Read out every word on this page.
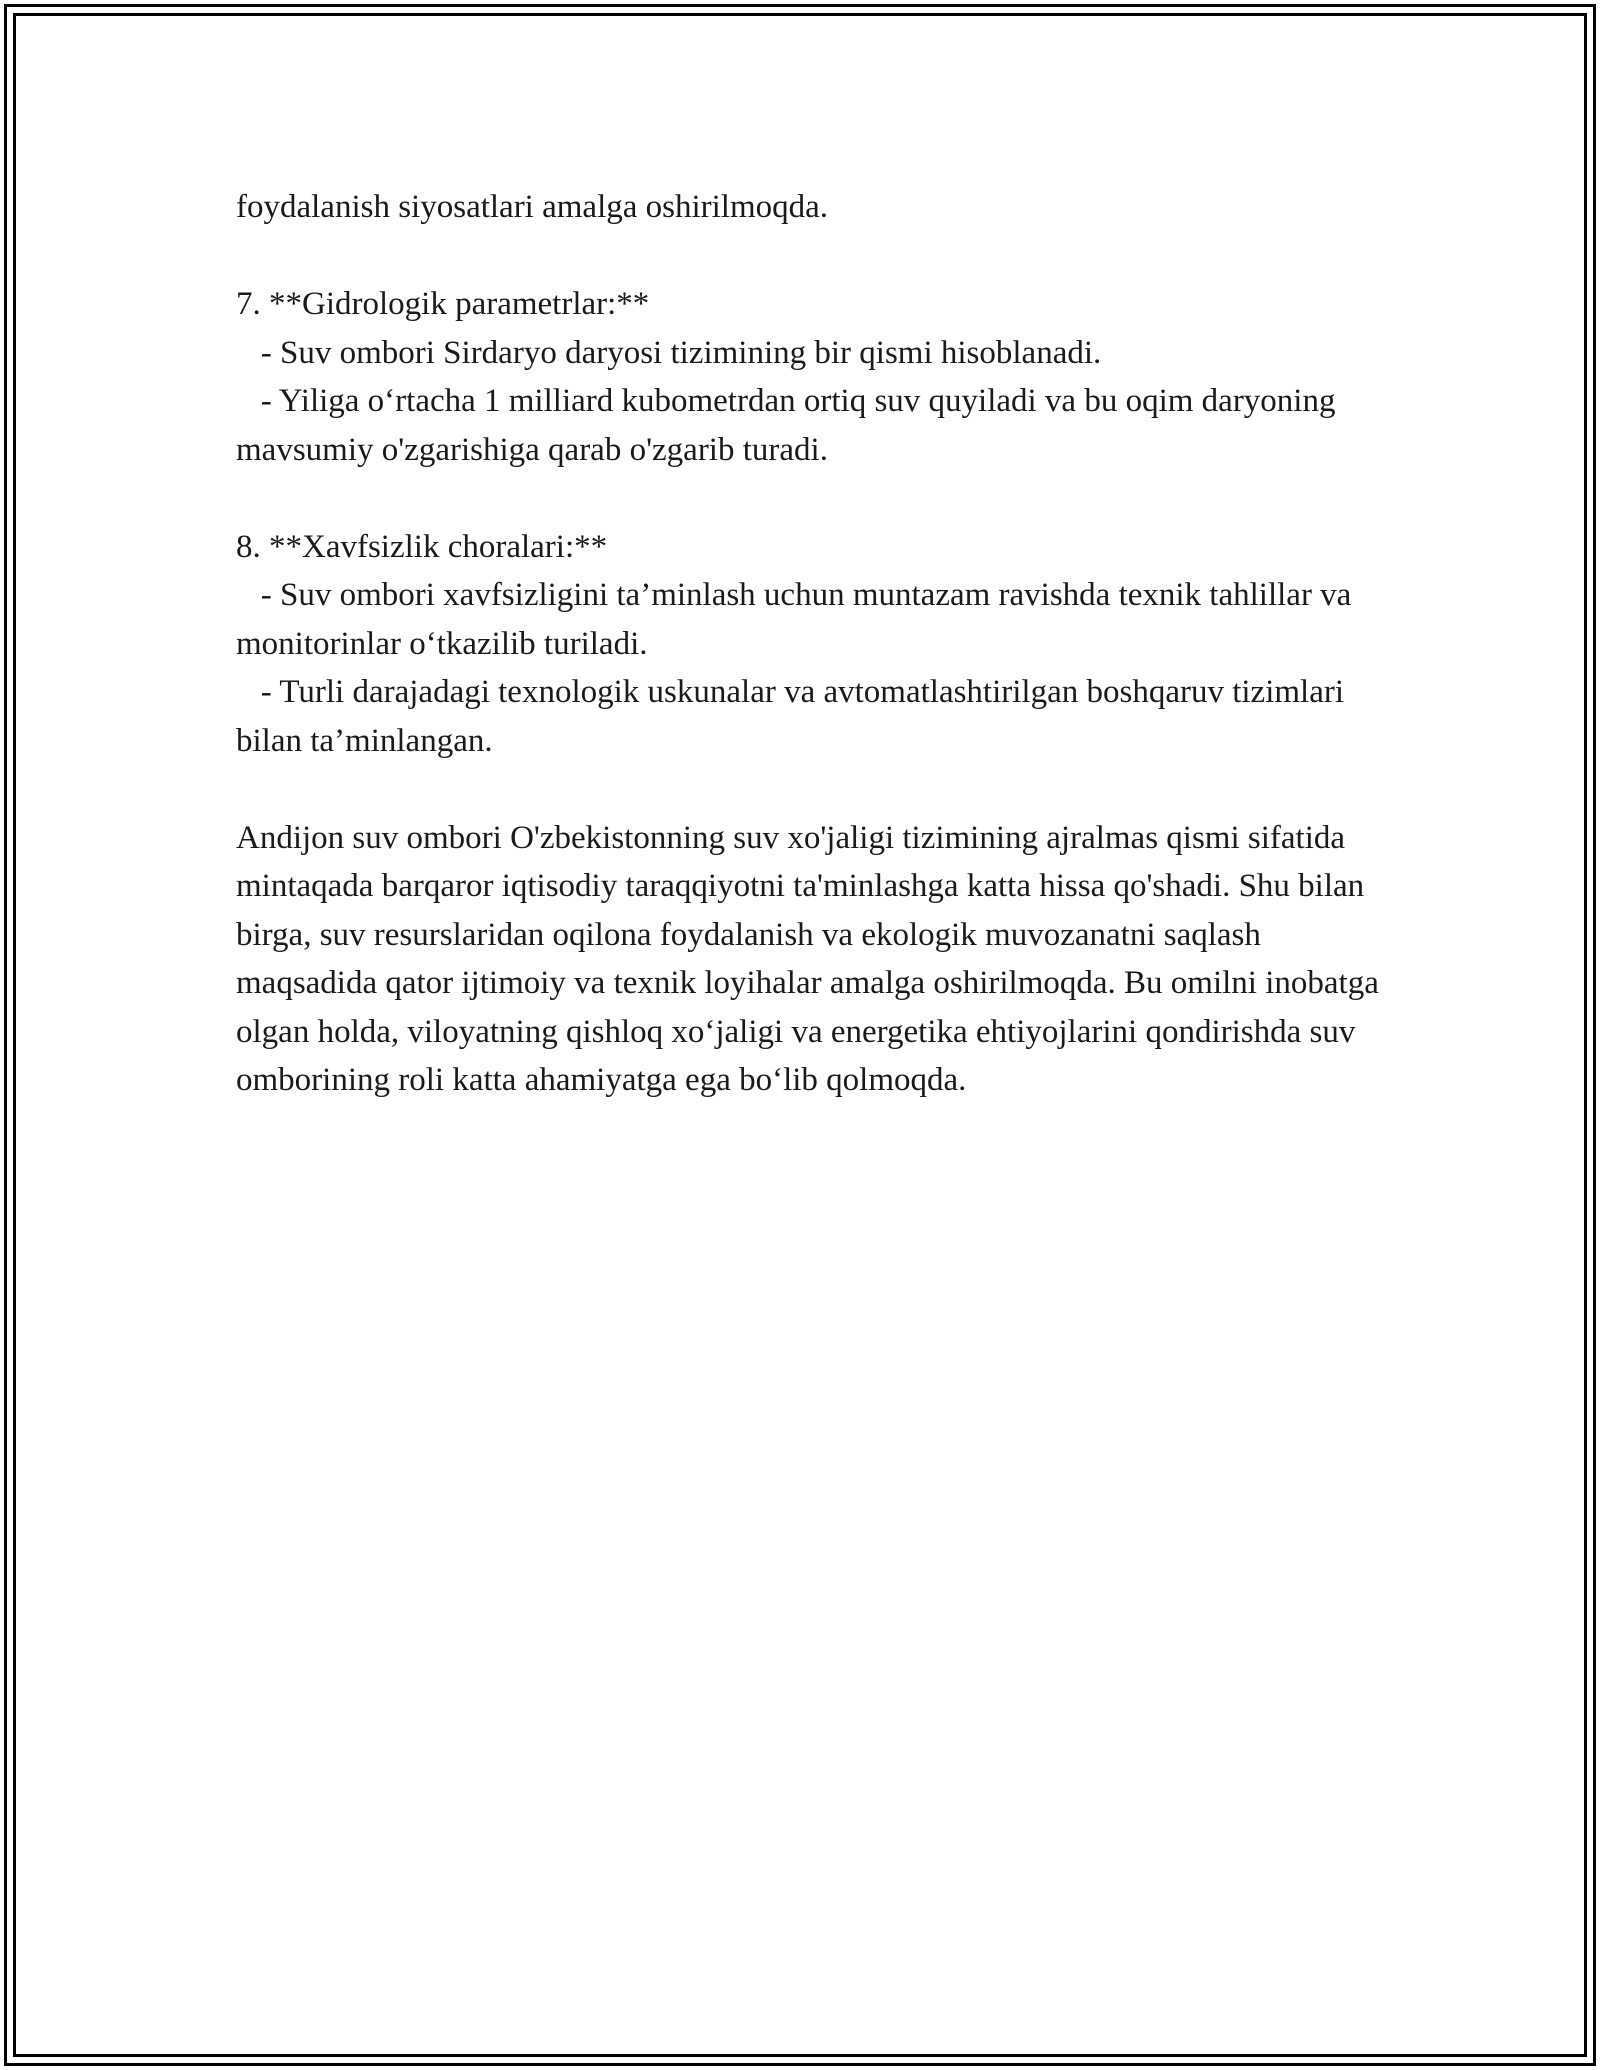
foydalanish siyosatlari amalga oshirilmoqda.

7. **Gidrologik parametrlar:**

- Suv ombori Sirdaryo daryosi tizimining bir qismi hisoblanadi.

- Yiliga o‘rtacha 1 milliard kubometrdan ortiq suv quyiladi va bu oqim daryoning mavsumiy o'zgarishiga qarab o'zgarib turadi.

8. **Xavfsizlik choralari:**

- Suv ombori xavfsizligini ta’minlash uchun muntazam ravishda texnik tahlillar va monitorinlar o‘tkazilib turiladi.

- Turli darajadagi texnologik uskunalar va avtomatlashtirilgan boshqaruv tizimlari bilan ta’minlangan.

Andijon suv ombori O'zbekistonning suv xo'jaligi tizimining ajralmas qismi sifatida mintaqada barqaror iqtisodiy taraqqiyotni ta'minlashga katta hissa qo'shadi. Shu bilan birga, suv resurslaridan oqilona foydalanish va ekologik muvozanatni saqlash maqsadida qator ijtimoiy va texnik loyihalar amalga oshirilmoqda. Bu omilni inobatga olgan holda, viloyatning qishloq xo‘jaligi va energetika ehtiyojlarini qondirishda suv omborining roli katta ahamiyatga ega bo‘lib qolmoqda.
